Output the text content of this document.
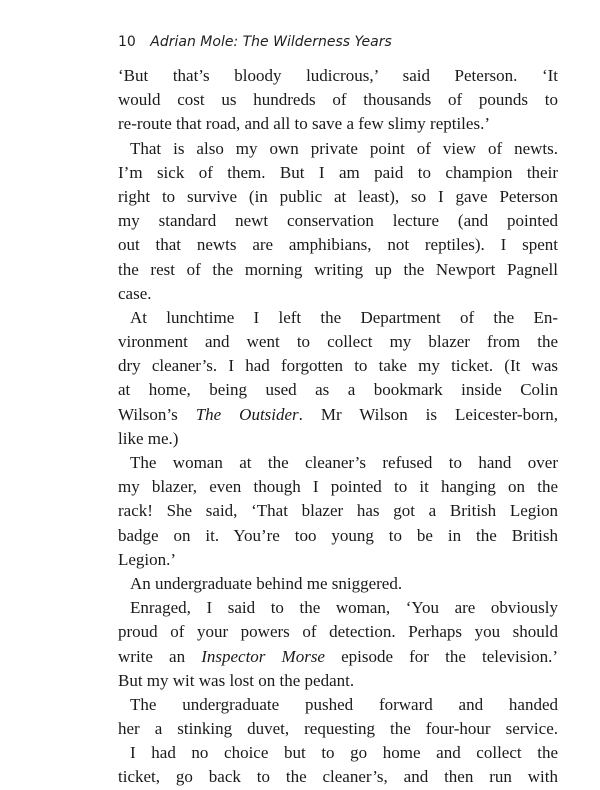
10 Adrian Mole: The Wilderness Years
‘But that’s bloody ludicrous,’ said Peterson. ‘It
would cost us hundreds of thousands of pounds to
re-route that road, and all to save a few slimy reptiles.’
That is also my own private point of view of newts.
I’m sick of them. But I am paid to champion their
right to survive (in public at least), so I gave Peterson
my standard newt conservation lecture (and pointed
out that newts are amphibians, not reptiles). I spent
the rest of the morning writing up the Newport Pagnell
case.
At lunchtime I left the Department of the En-
vironment and went to collect my blazer from the
dry cleaner’s. I had forgotten to take my ticket. (It was
at home, being used as a bookmark inside Colin
Wilson’s The Outsider. Mr Wilson is Leicester-born,
like me.)
The woman at the cleaner’s refused to hand over
my blazer, even though I pointed to it hanging on the
rack! She said, ‘That blazer has got a British Legion
badge on it. You’re too young to be in the British
Legion.’
An undergraduate behind me sniggered.
Enraged, I said to the woman, ‘You are obviously
proud of your powers of detection. Perhaps you should
write an Inspector Morse episode for the television.’
But my wit was lost on the pedant.
The undergraduate pushed forward and handed
her a stinking duvet, requesting the four-hour service.
I had no choice but to go home and collect the
ticket, go back to the cleaner’s, and then run with
